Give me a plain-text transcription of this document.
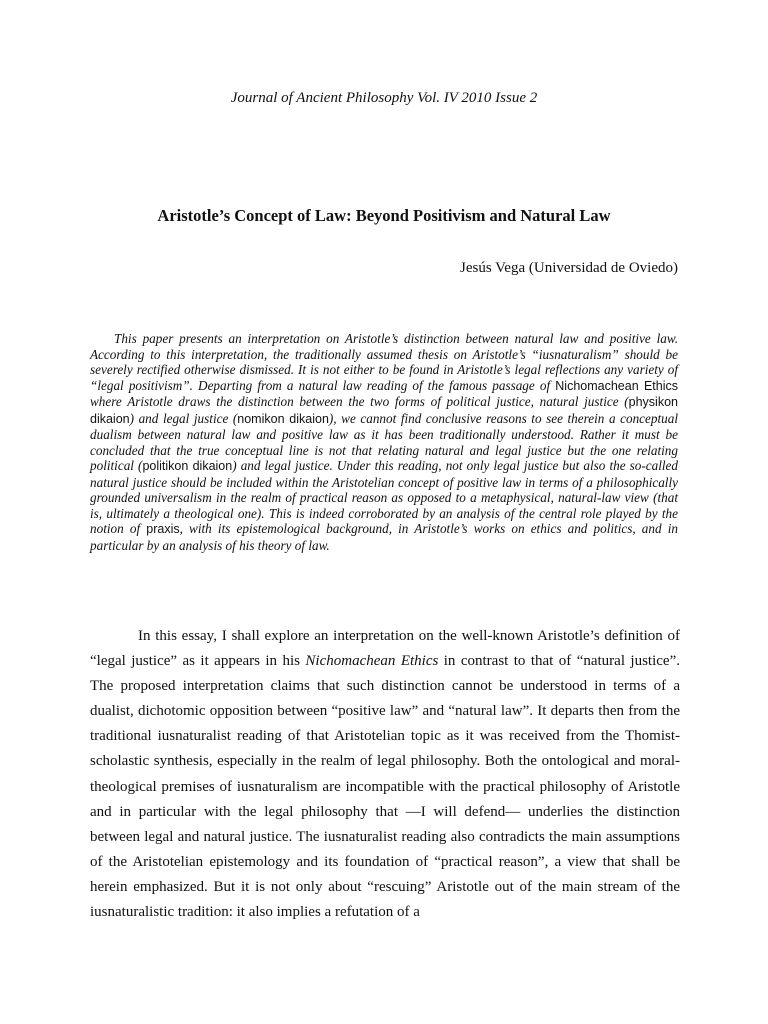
Journal of Ancient Philosophy Vol. IV 2010 Issue 2

Aristotle’s Concept of Law: Beyond Positivism and Natural Law

Jesús Vega (Universidad de Oviedo)

This paper presents an interpretation on Aristotle’s distinction between natural law and positive law. According to this interpretation, the traditionally assumed thesis on Aristotle’s “iusnaturalism” should be severely rectified otherwise dismissed. It is not either to be found in Aristotle’s legal reflections any variety of “legal positivism”. Departing from a natural law reading of the famous passage of Nichomachean Ethics where Aristotle draws the distinction between the two forms of political justice, natural justice (physikon dikaion) and legal justice (nomikon dikaion), we cannot find conclusive reasons to see therein a conceptual dualism between natural law and positive law as it has been traditionally understood. Rather it must be concluded that the true conceptual line is not that relating natural and legal justice but the one relating political (politikon dikaion) and legal justice. Under this reading, not only legal justice but also the so-called natural justice should be included within the Aristotelian concept of positive law in terms of a philosophically grounded universalism in the realm of practical reason as opposed to a metaphysical, natural-law view (that is, ultimately a theological one). This is indeed corroborated by an analysis of the central role played by the notion of praxis, with its epistemological background, in Aristotle’s works on ethics and politics, and in particular by an analysis of his theory of law.

In this essay, I shall explore an interpretation on the well-known Aristotle’s definition of “legal justice” as it appears in his Nichomachean Ethics in contrast to that of “natural justice”. The proposed interpretation claims that such distinction cannot be understood in terms of a dualist, dichotomic opposition between “positive law” and “natural law”. It departs then from the traditional iusnaturalist reading of that Aristotelian topic as it was received from the Thomist-scholastic synthesis, especially in the realm of legal philosophy. Both the ontological and moral-theological premises of iusnaturalism are incompatible with the practical philosophy of Aristotle and in particular with the legal philosophy that —I will defend— underlies the distinction between legal and natural justice. The iusnaturalist reading also contradicts the main assumptions of the Aristotelian epistemology and its foundation of “practical reason”, a view that shall be herein emphasized. But it is not only about “rescuing” Aristotle out of the main stream of the iusnaturalistic tradition: it also implies a refutation of a
